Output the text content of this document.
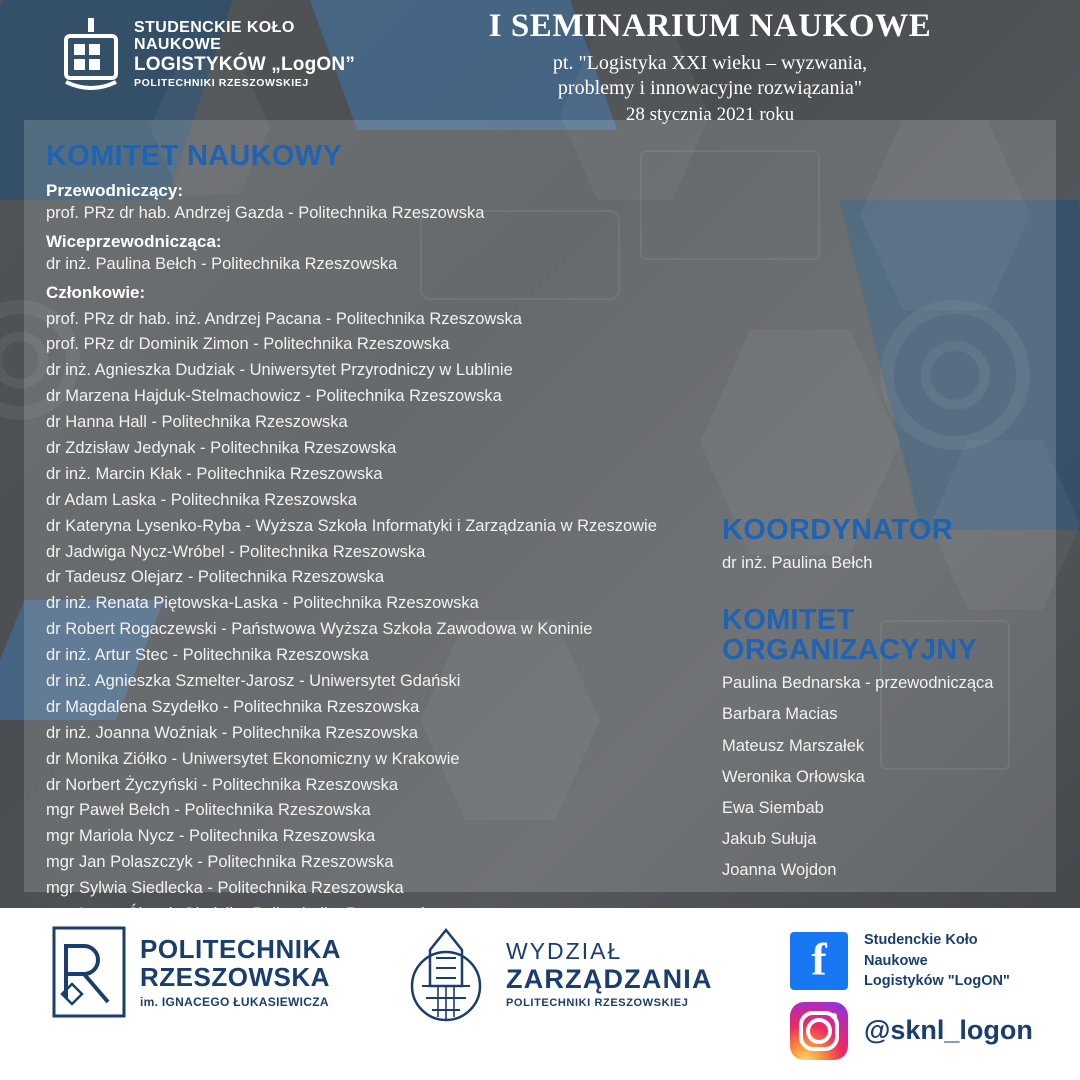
STUDENCKIE KOŁO
NAUKOWE
LOGISTYKÓW „LogON”
POLITECHNIKI RZESZOWSKIEJ
I SEMINARIUM NAUKOWE
pt. "Logistyka XXI wieku – wyzwania,
problemy i innowacyjne rozwiązania"
28 stycznia 2021 roku
KOMITET NAUKOWY
Przewodniczący:
prof. PRz dr hab. Andrzej Gazda - Politechnika Rzeszowska
Wiceprzewodnicząca:
dr inż. Paulina Bełch - Politechnika Rzeszowska
Członkowie:
prof. PRz dr hab. inż. Andrzej Pacana - Politechnika Rzeszowska
prof. PRz dr Dominik Zimon - Politechnika Rzeszowska
dr inż. Agnieszka Dudziak - Uniwersytet Przyrodniczy w Lublinie
dr Marzena Hajduk-Stelmachowicz - Politechnika Rzeszowska
dr Hanna Hall - Politechnika Rzeszowska
dr Zdzisław Jedynak - Politechnika Rzeszowska
dr inż. Marcin Kłak - Politechnika Rzeszowska
dr Adam Laska - Politechnika Rzeszowska
dr Kateryna Lysenko-Ryba - Wyższa Szkoła Informatyki i Zarządzania w Rzeszowie
dr Jadwiga Nycz-Wróbel - Politechnika Rzeszowska
dr Tadeusz Olejarz - Politechnika Rzeszowska
dr inż. Renata Piętowska-Laska - Politechnika Rzeszowska
dr Robert Rogaczewski - Państwowa Wyższa Szkoła Zawodowa w Koninie
dr inż. Artur Stec - Politechnika Rzeszowska
dr inż. Agnieszka Szmelter-Jarosz - Uniwersytet Gdański
dr Magdalena Szydełko - Politechnika Rzeszowska
dr inż. Joanna Woźniak - Politechnika Rzeszowska
dr Monika Ziółko - Uniwersytet Ekonomiczny w Krakowie
dr Norbert Życzyński - Politechnika Rzeszowska
mgr Paweł Bełch - Politechnika Rzeszowska
mgr Mariola Nycz - Politechnika Rzeszowska
mgr Jan Polaszczyk - Politechnika Rzeszowska
mgr Sylwia Siedlecka - Politechnika Rzeszowska
KOORDYNATOR
dr inż. Paulina Bełch
KOMITET
ORGANIZACYJNY
Paulina Bednarska - przewodnicząca
Barbara Macias
Mateusz Marszałek
Weronika Orłowska
Ewa Siembab
Jakub Sułuja
Joanna Wojdon
POLITECHNIKA
RZESZOWSKA
im. IGNACEGO ŁUKASIEWICZA
WYDZIAŁ
ZARZĄDZANIA
POLITECHNIKI RZESZOWSKIEJ
f
Studenckie Koło
Naukowe
Logistyków "LogON"
@sknl_logon
